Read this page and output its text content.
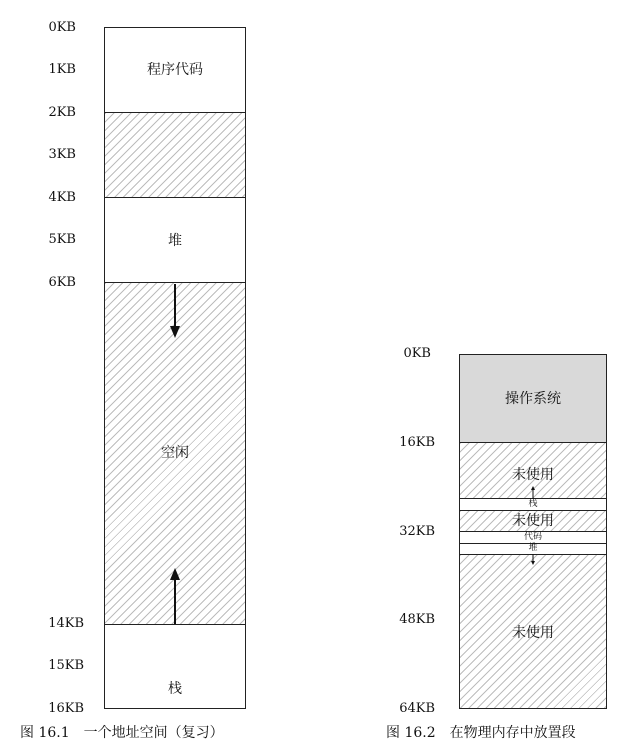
0KB
1KB
2KB
3KB
4KB
5KB
6KB
14KB
15KB
16KB
程序代码
堆
空闲
栈
图 16.1　一个地址空间（复习）
0KB
16KB
32KB
48KB
64KB
操作系统
未使用
栈
未使用
代码
堆
未使用
图 16.2　在物理内存中放置段
